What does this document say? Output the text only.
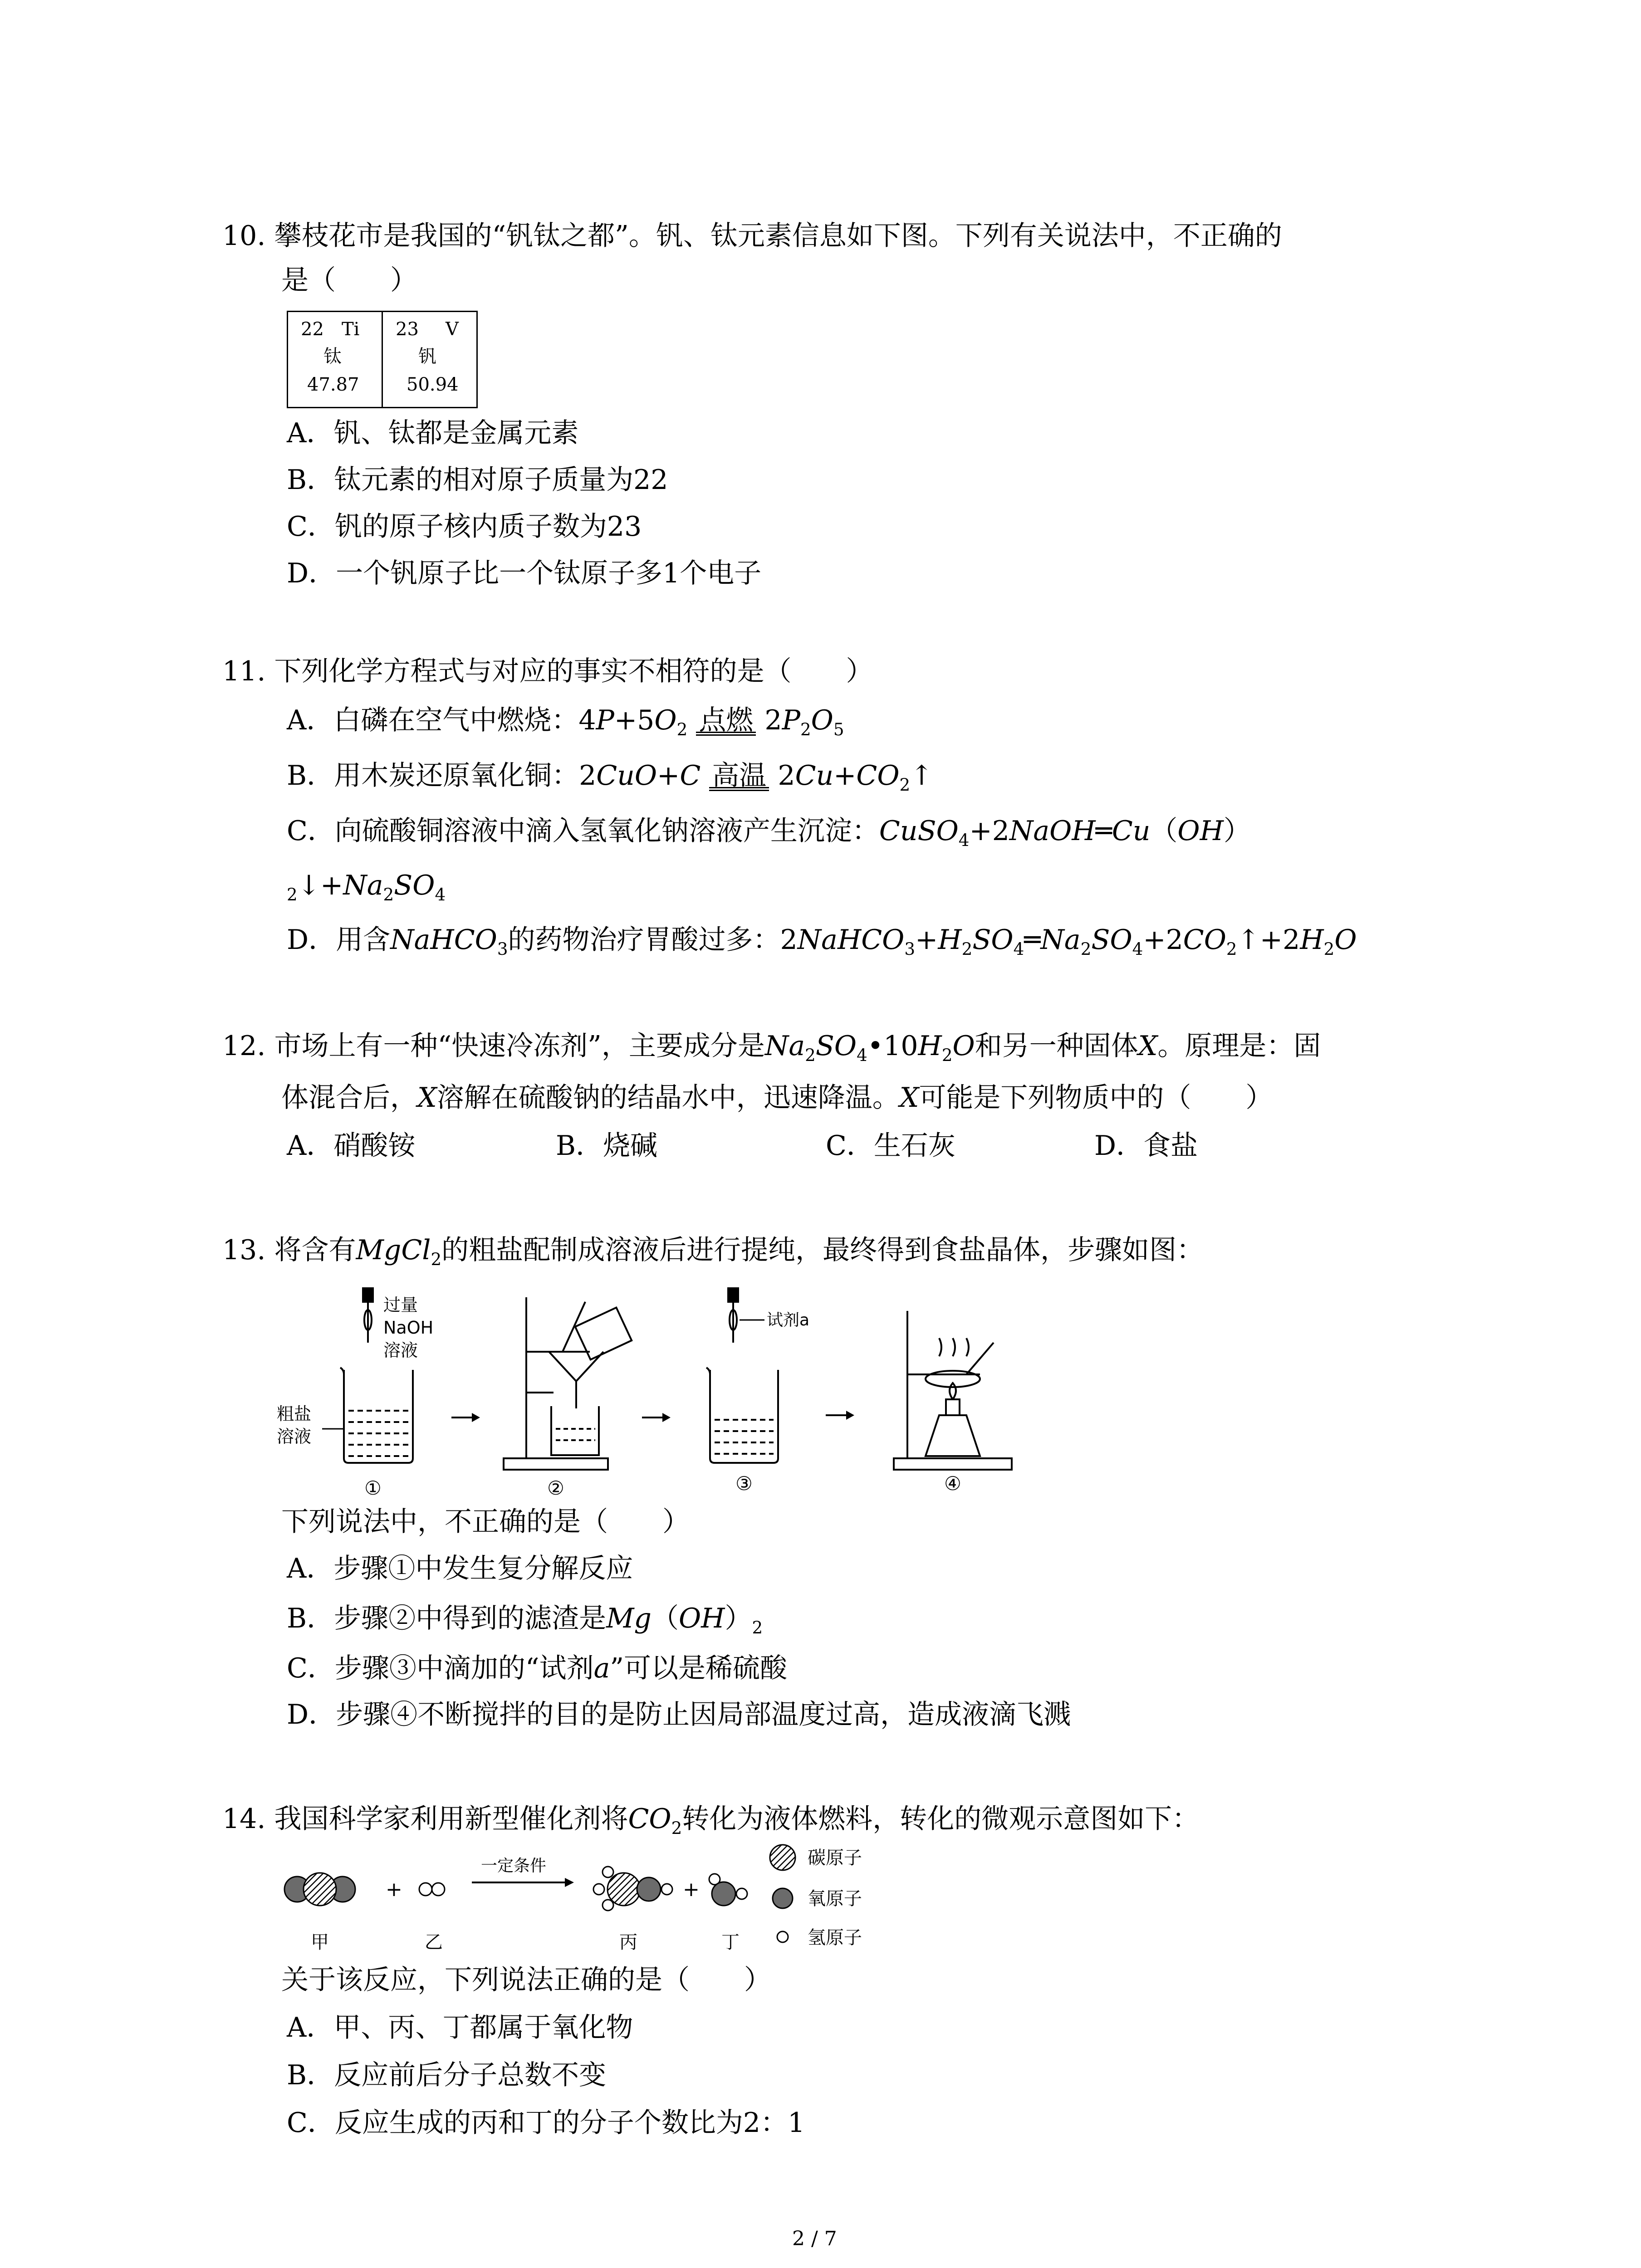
10. 攀枝花市是我国的“钒钛之都”。钒、钛元素信息如下图。下列有关说法中，不正确的
是（　　）
22 Ti
钛
47.87
23 V
钒
50.94
A．钒、钛都是金属元素
B．钛元素的相对原子质量为22
C．钒的原子核内质子数为23
D．一个钒原子比一个钛原子多1个电子
11. 下列化学方程式与对应的事实不相符的是（　　）
A．白磷在空气中燃烧：$4P+5O_2$ 点燃 $2P_2O_5$
B．用木炭还原氧化铜：2CuO+C 高温 $2Cu+CO_2↑$
C．向硫酸铜溶液中滴入氢氧化钠溶液产生沉淀：CuSO$_4$+2NaOH═Cu（OH）
$_2↓+Na_2SO_4$
D．用含NaHCO$_3$的药物治疗胃酸过多：$2NaHCO_3+H_2SO_4═Na_2SO_4+2CO_2↑+2H_2O$
12. 市场上有一种“快速冷冻剂”，主要成分是$Na_2SO_4•10H_2O$和另一种固体X。原理是：固
体混合后，X溶解在硫酸钠的结晶水中，迅速降温。X可能是下列物质中的（　　）
A．硝酸铵	B．烧碱	C．生石灰	D．食盐
13. 将含有MgCl$_2$的粗盐配制成溶液后进行提纯，最终得到食盐晶体，步骤如图：
过量
NaOH
溶液
粗盐
溶液
试剂a
①	②	③	④
下列说法中，不正确的是（　　）
A．步骤①中发生复分解反应
B．步骤②中得到的滤渣是$Mg(OH)_2$
C．步骤③中滴加的“试剂a”可以是稀硫酸
D．步骤④不断搅拌的目的是防止因局部温度过高，造成液滴飞溅
14. 我国科学家利用新型催化剂将$CO_2$转化为液体燃料，转化的微观示意图如下：
+
一定条件
+
甲	乙	丙	丁
碳原子
氧原子
氢原子
关于该反应，下列说法正确的是（　　）
A．甲、丙、丁都属于氧化物
B．反应前后分子总数不变
C．反应生成的丙和丁的分子个数比为2：1
2 / 7
